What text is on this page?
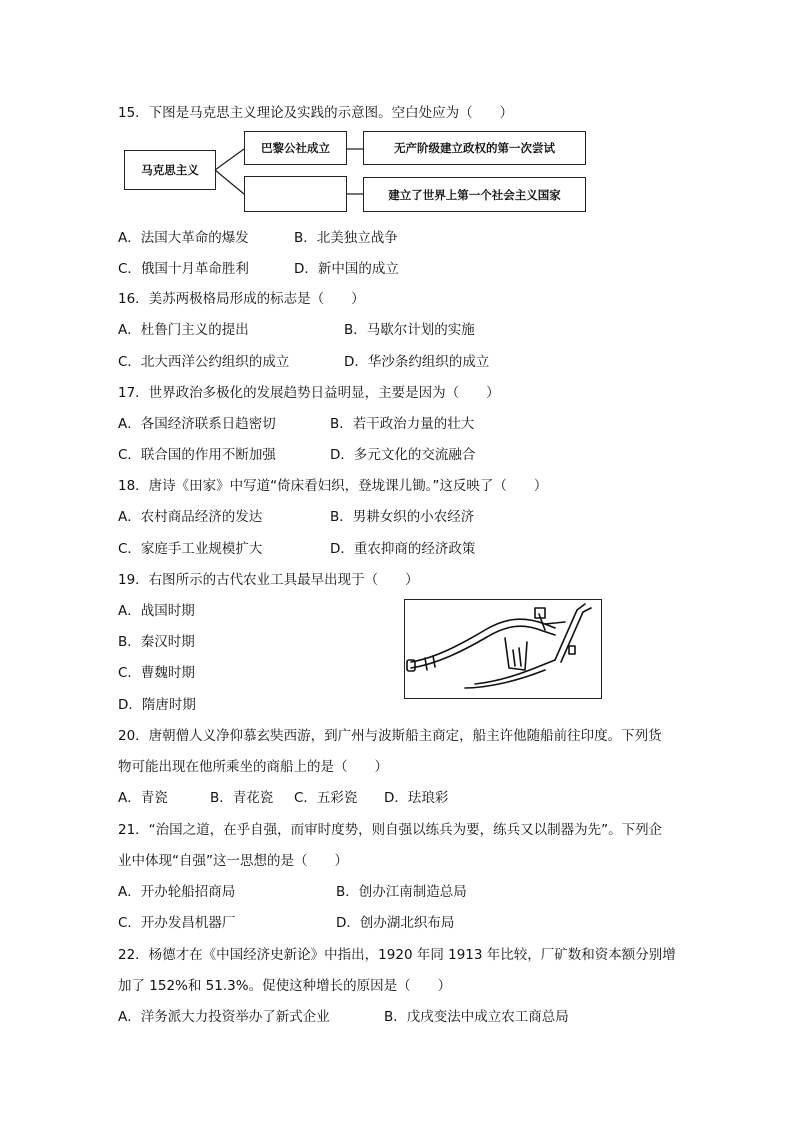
15．下图是马克思主义理论及实践的示意图。空白处应为（　　）
马克思主义
巴黎公社成立	无产阶级建立政权的第一次尝试
建立了世界上第一个社会主义国家
A．法国大革命的爆发	B．北美独立战争
C．俄国十月革命胜利	D．新中国的成立
16．美苏两极格局形成的标志是（　　）
A．杜鲁门主义的提出	B．马歇尔计划的实施
C．北大西洋公约组织的成立	D．华沙条约组织的成立
17．世界政治多极化的发展趋势日益明显，主要是因为（　　）
A．各国经济联系日趋密切	B．若干政治力量的壮大
C．联合国的作用不断加强	D．多元文化的交流融合
18．唐诗《田家》中写道“倚床看妇织，登垅课儿锄。”这反映了（　　）
A．农村商品经济的发达	B．男耕女织的小农经济
C．家庭手工业规模扩大	D．重农抑商的经济政策
19．右图所示的古代农业工具最早出现于（　　）
A．战国时期
B．秦汉时期
C．曹魏时期
D．隋唐时期
20．唐朝僧人义净仰慕玄奘西游，到广州与波斯船主商定，船主许他随船前往印度。下列货
物可能出现在他所乘坐的商船上的是（　　）
A．青瓷	B．青花瓷 C．五彩瓷 D．珐琅彩
21．“治国之道，在乎自强，而审时度势，则自强以练兵为要，练兵又以制器为先”。下列企
业中体现“自强”这一思想的是（　　）
A．开办轮船招商局	B．创办江南制造总局
C．开办发昌机器厂	D．创办湖北织布局
22．杨德才在《中国经济史新论》中指出，1920 年同 1913 年比较，厂矿数和资本额分别增
加了 152%和 51.3%。促使这种增长的原因是（　　）
A．洋务派大力投资举办了新式企业	B．戊戌变法中成立农工商总局
